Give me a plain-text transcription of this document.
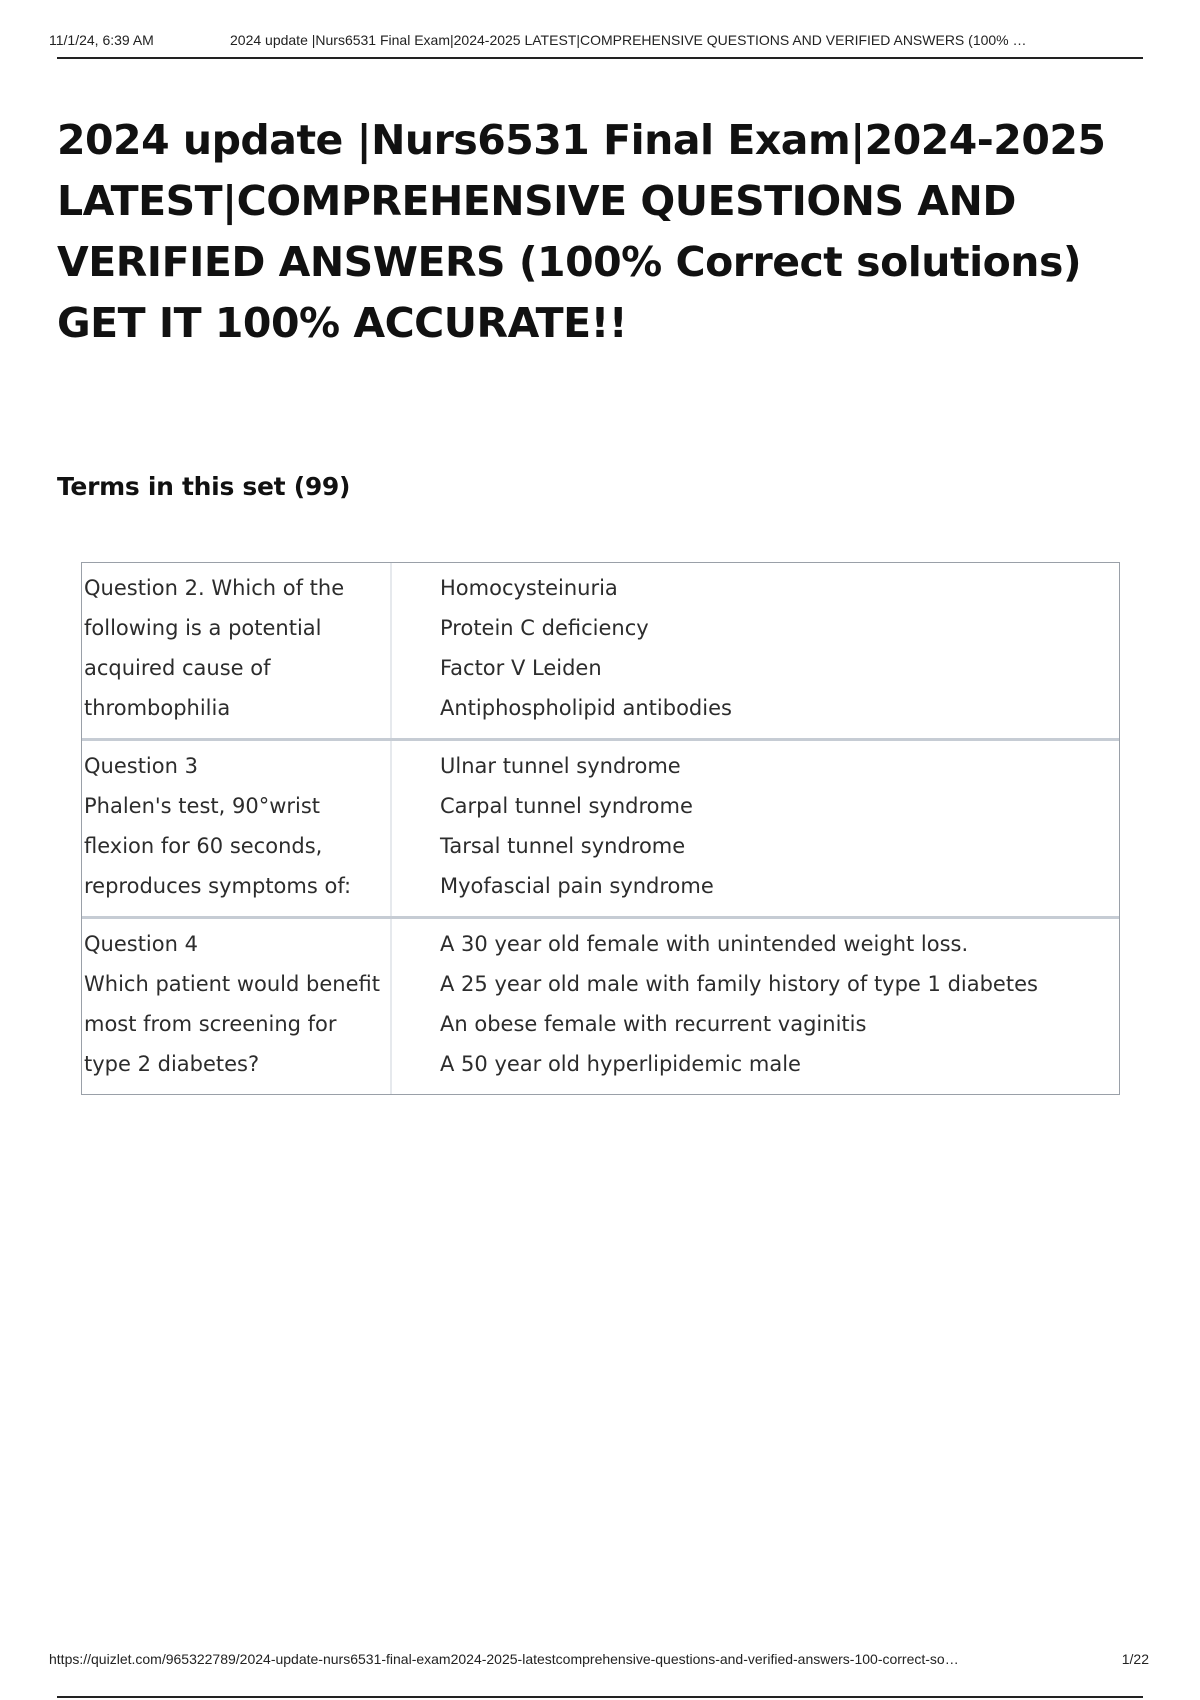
11/1/24, 6:39 AM	2024 update |Nurs6531 Final Exam|2024-2025 LATEST|COMPREHENSIVE QUESTIONS AND VERIFIED ANSWERS (100% …
2024 update |Nurs6531 Final Exam|2024-2025 LATEST|COMPREHENSIVE QUESTIONS AND VERIFIED ANSWERS (100% Correct solutions) GET IT 100% ACCURATE!!
Terms in this set (99)
Question 2. Which of the following is a potential acquired cause of thrombophilia
Homocysteinuria
Protein C deficiency
Factor V Leiden
Antiphospholipid antibodies
Question 3
Phalen's test, 90°wrist flexion for 60 seconds, reproduces symptoms of:
Ulnar tunnel syndrome
Carpal tunnel syndrome
Tarsal tunnel syndrome
Myofascial pain syndrome
Question 4
Which patient would benefit most from screening for type 2 diabetes?
A 30 year old female with unintended weight loss.
A 25 year old male with family history of type 1 diabetes
An obese female with recurrent vaginitis
A 50 year old hyperlipidemic male
https://quizlet.com/965322789/2024-update-nurs6531-final-exam2024-2025-latestcomprehensive-questions-and-verified-answers-100-correct-so…	1/22
